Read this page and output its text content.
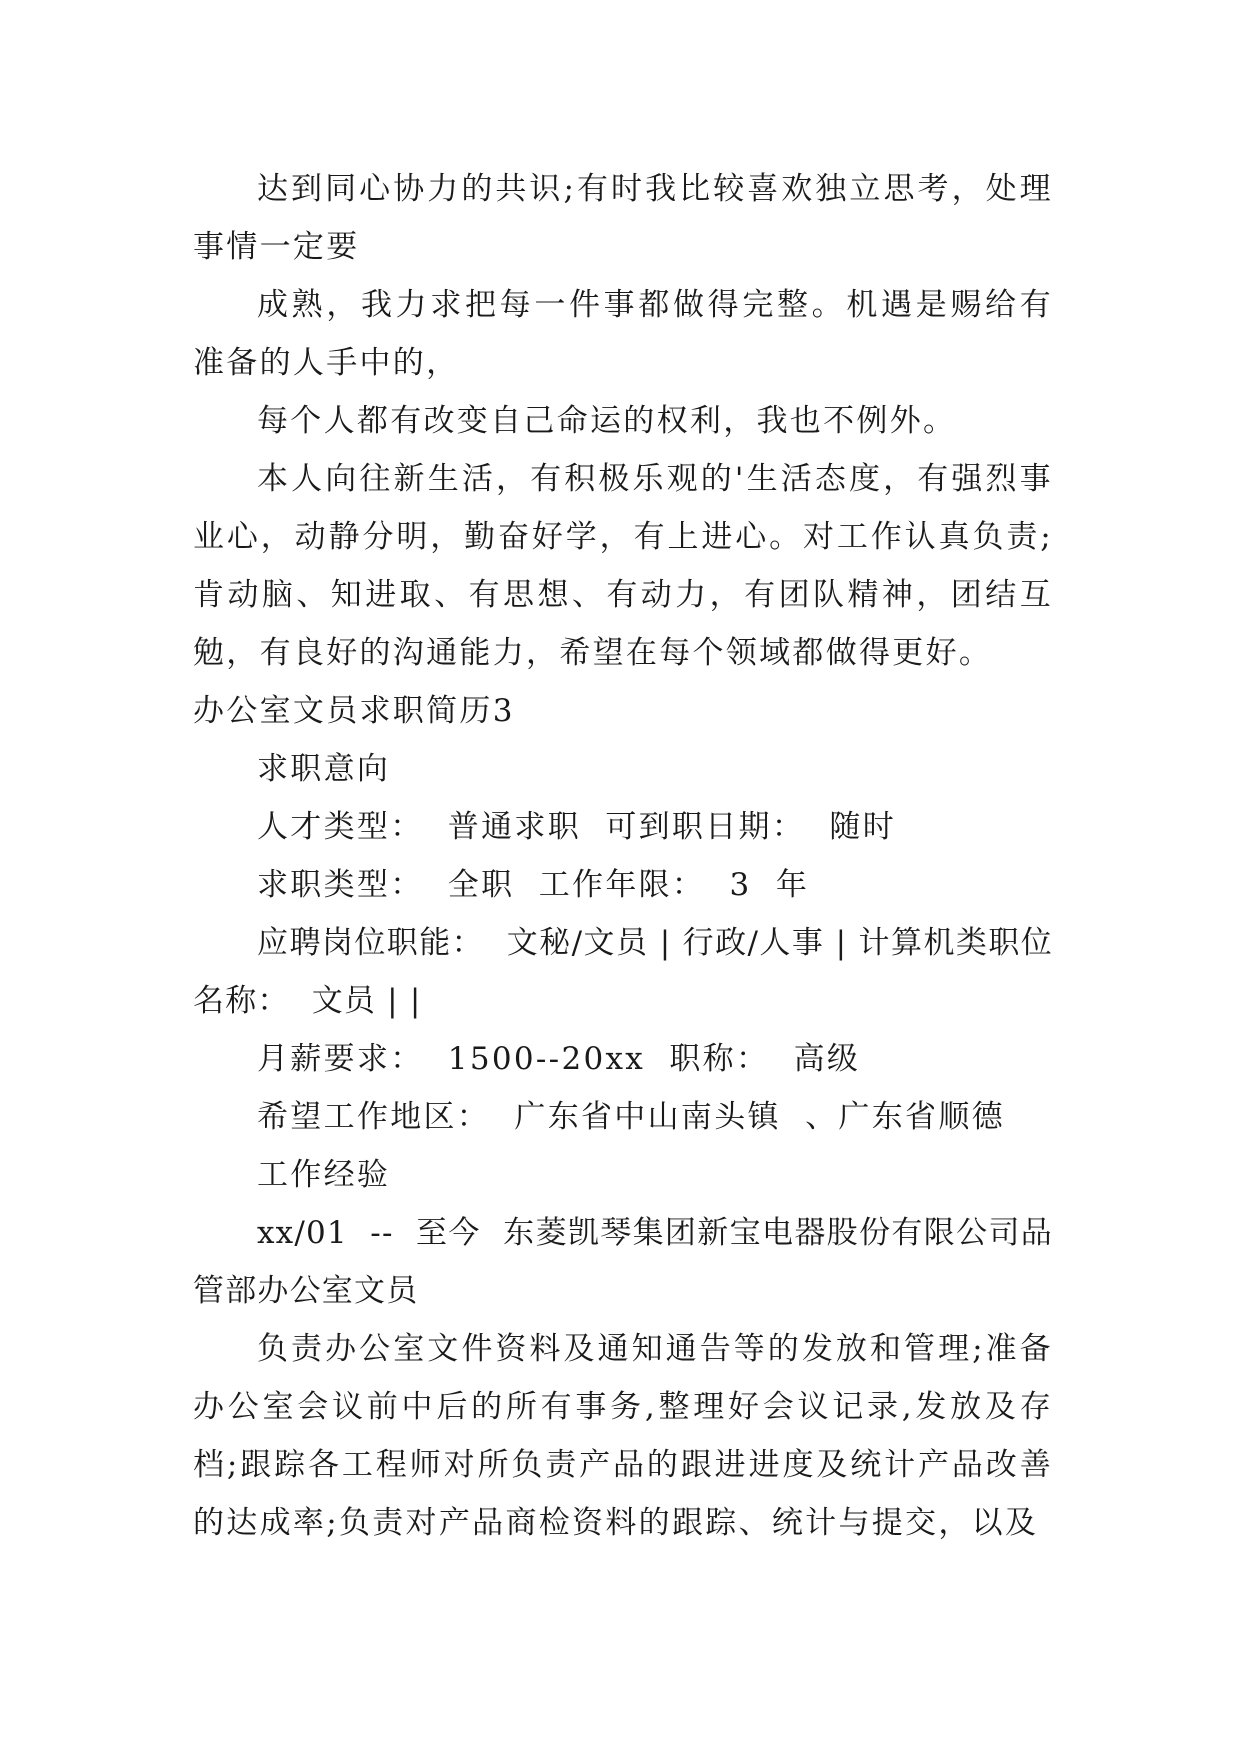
达到同心协力的共识;有时我比较喜欢独立思考，处理事情一定要

成熟，我力求把每一件事都做得完整。机遇是赐给有准备的人手中的，

每个人都有改变自己命运的权利，我也不例外。

本人向往新生活，有积极乐观的'生活态度，有强烈事业心，动静分明，勤奋好学，有上进心。对工作认真负责;肯动脑、知进取、有思想、有动力，有团队精神，团结互勉，有良好的沟通能力，希望在每个领域都做得更好。

办公室文员求职简历3

求职意向

人才类型：  普通求职  可到职日期：  随时

求职类型：  全职  工作年限：  3  年

应聘岗位职能：  文秘/文员 | 行政/人事 | 计算机类职位名称：  文员 | |

月薪要求：  1500--20xx  职称：  高级

希望工作地区：  广东省中山南头镇  、广东省顺德

工作经验

xx/01  --  至今  东菱凯琴集团新宝电器股份有限公司品管部办公室文员

负责办公室文件资料及通知通告等的发放和管理;准备办公室会议前中后的所有事务,整理好会议记录,发放及存档;跟踪各工程师对所负责产品的跟进进度及统计产品改善的达成率;负责对产品商检资料的跟踪、统计与提交，以及
